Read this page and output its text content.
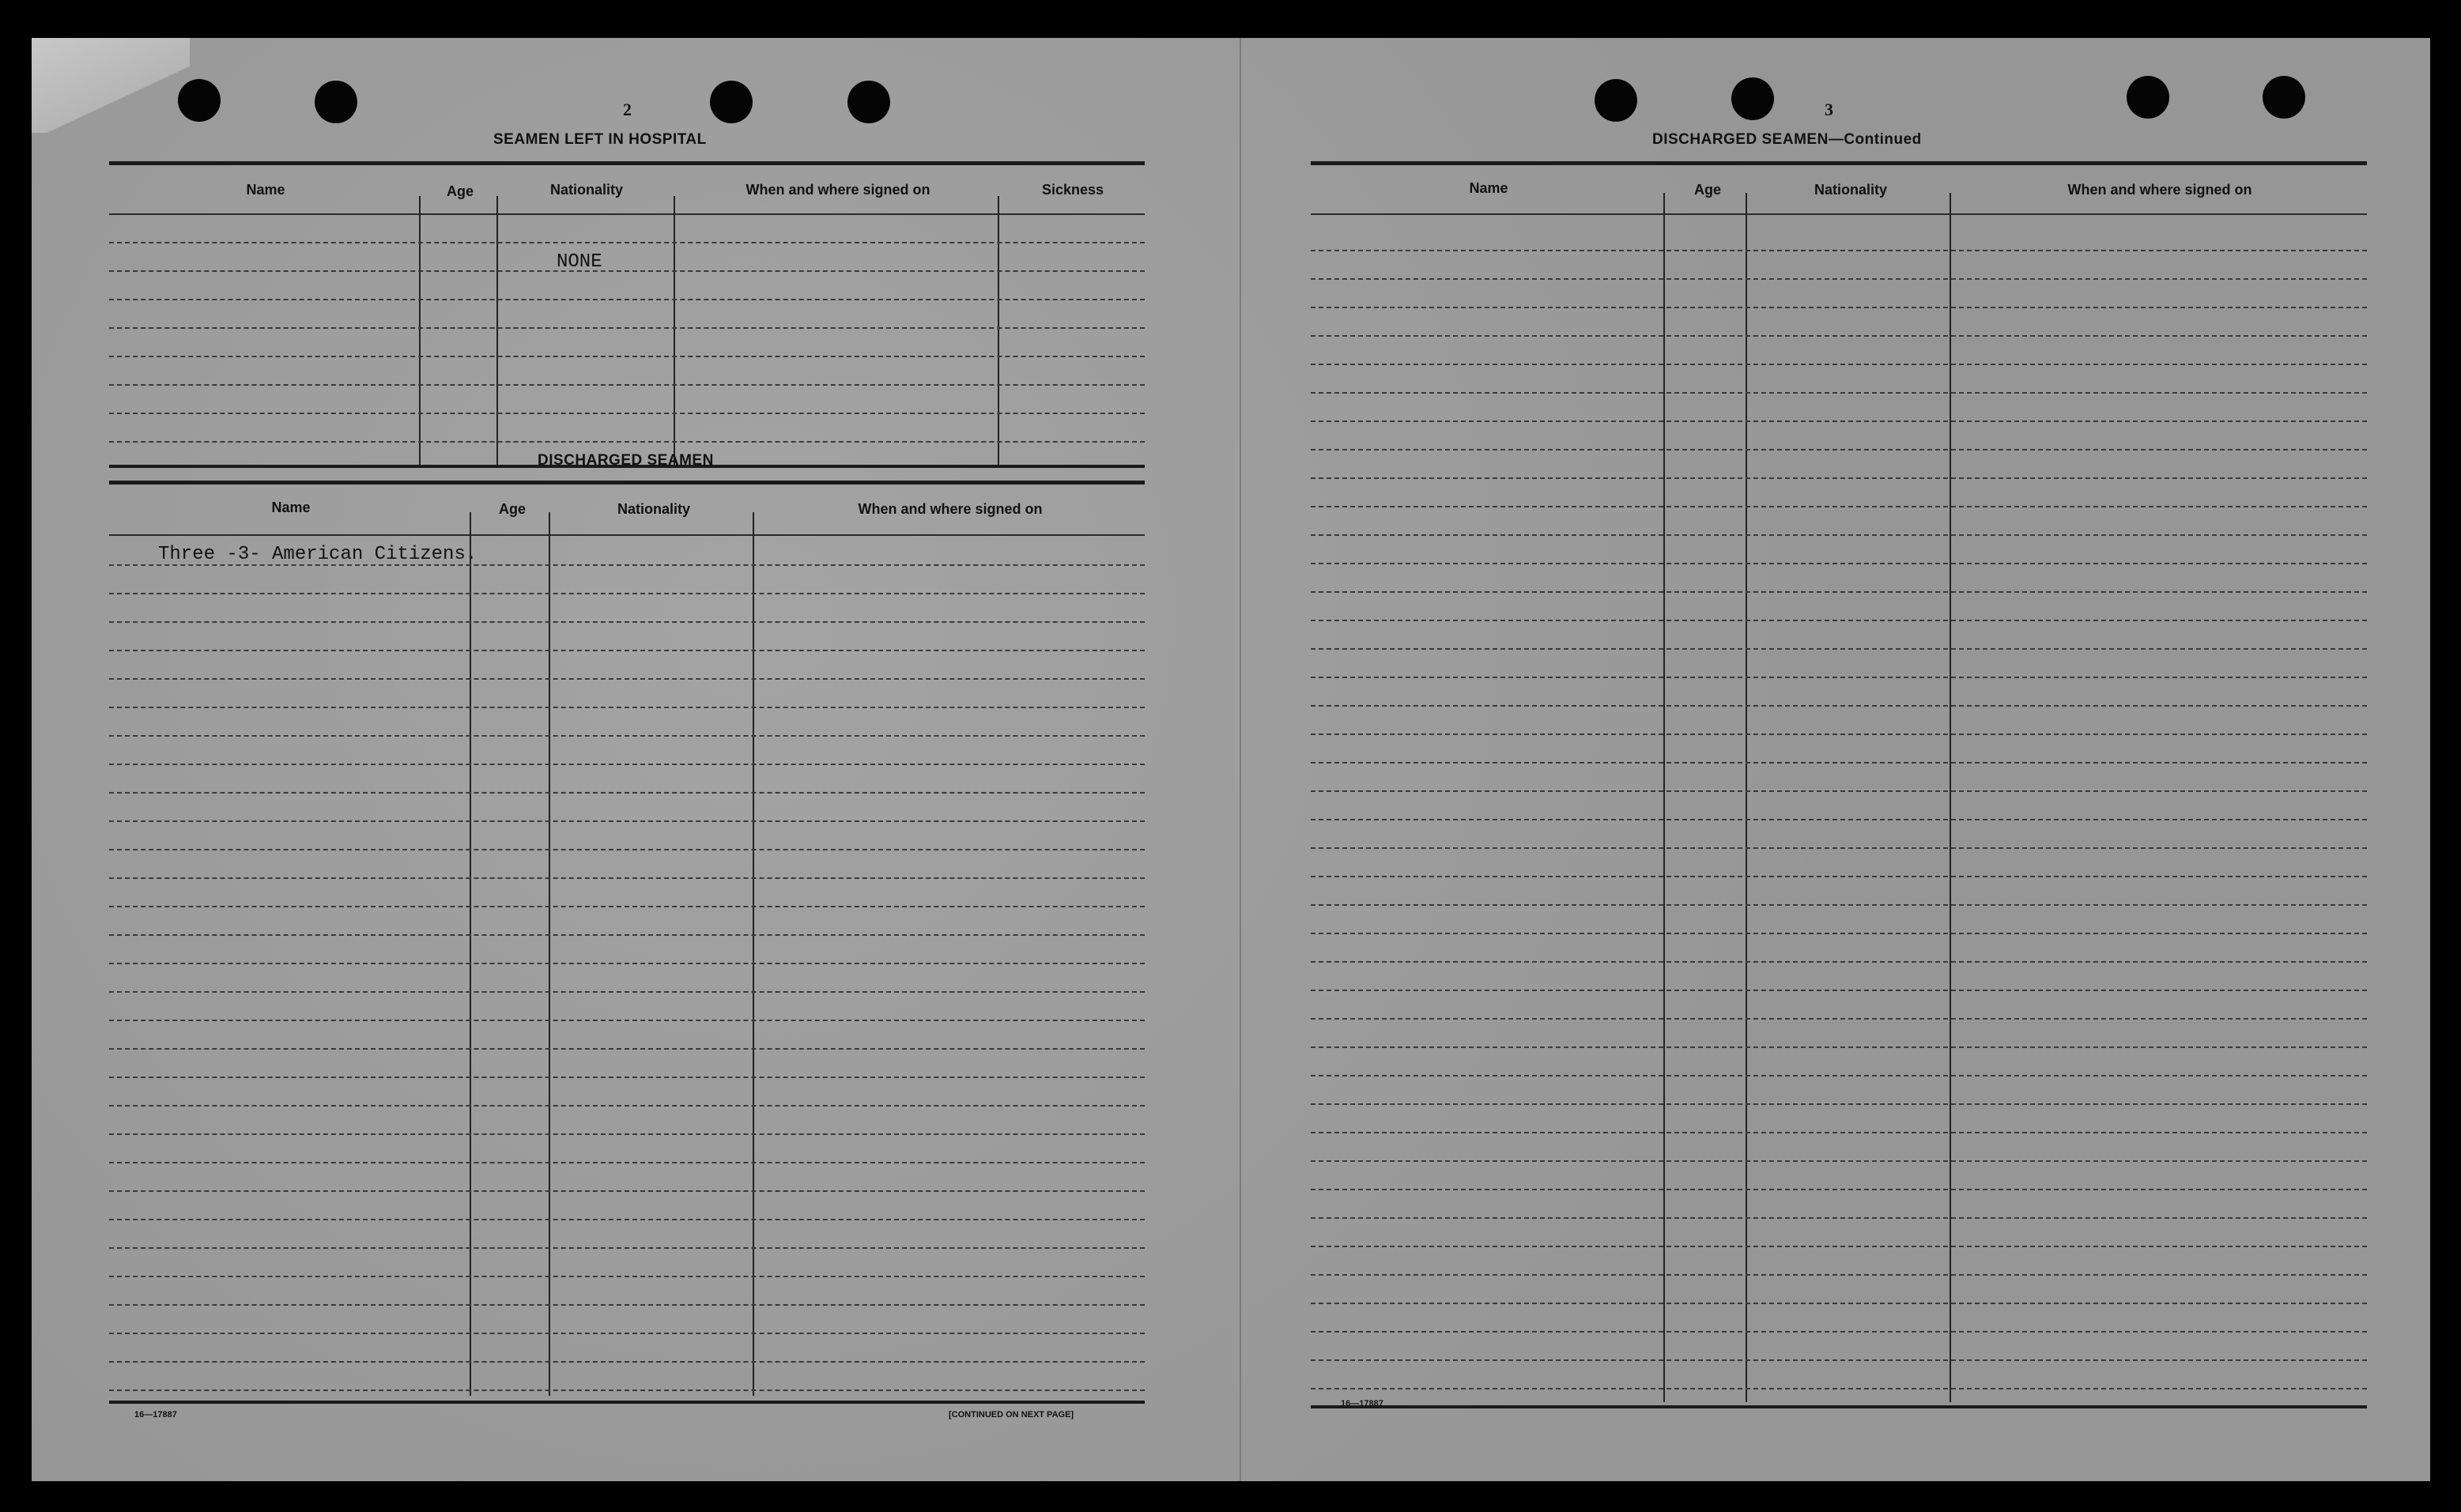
2
SEAMEN LEFT IN HOSPITAL
Name	Age	Nationality	When and where signed on	Sickness
NONE
DISCHARGED SEAMEN
Name	Age	Nationality	When and where signed on
Three -3- American Citizens.
16—17887	[CONTINUED ON NEXT PAGE]
3
DISCHARGED SEAMEN—Continued
Name	Age	Nationality	When and where signed on
16—17887
